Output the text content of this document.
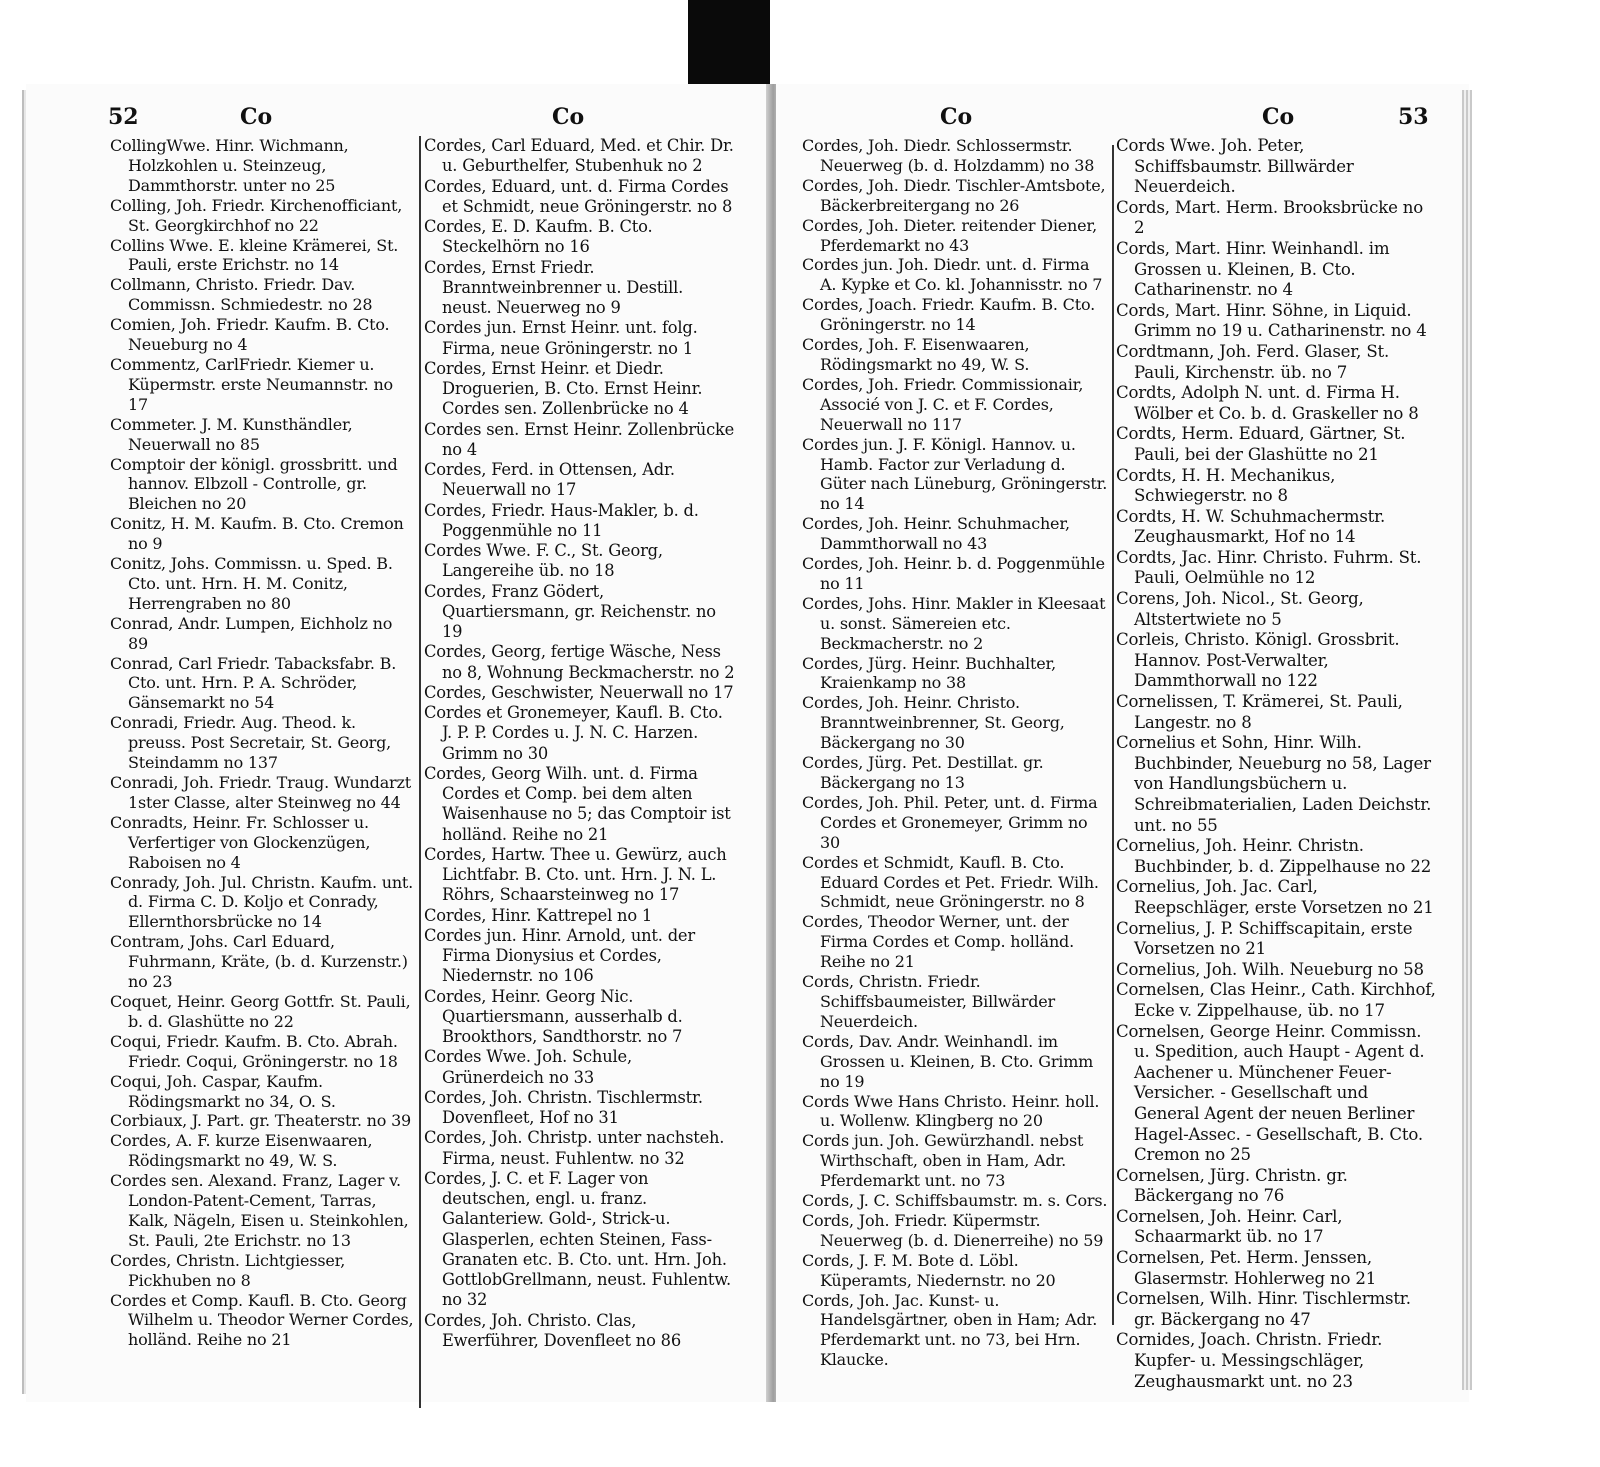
52	Co	Co	Co	Co	53

CollingWwe. Hinr. Wichmann, Holzkohlen u. Steinzeug, Dammthorstr. unter no 25

Colling, Joh. Friedr. Kirchenofficiant, St. Georgkirchhof no 22

Collins Wwe. E. kleine Krämerei, St. Pauli, erste Erichstr. no 14

Collmann, Christo. Friedr. Dav. Commissn. Schmiedestr. no 28

Comien, Joh. Friedr. Kaufm. B. Cto. Neueburg no 4

Commentz, CarlFriedr. Kiemer u. Küpermstr. erste Neumannstr. no 17

Commeter. J. M. Kunsthändler, Neuerwall no 85

Comptoir der königl. grossbritt. und hannov. Elbzoll - Controlle, gr. Bleichen no 20

Conitz, H. M. Kaufm. B. Cto. Cremon no 9

Conitz, Johs. Commissn. u. Sped. B. Cto. unt. Hrn. H. M. Conitz, Herrengraben no 80

Conrad, Andr. Lumpen, Eichholz no 89

Conrad, Carl Friedr. Tabacksfabr. B. Cto. unt. Hrn. P. A. Schröder, Gänsemarkt no 54

Conradi, Friedr. Aug. Theod. k. preuss. Post Secretair, St. Georg, Steindamm no 137

Conradi, Joh. Friedr. Traug. Wundarzt 1ster Classe, alter Steinweg no 44

Conradts, Heinr. Fr. Schlosser u. Verfertiger von Glockenzügen, Raboisen no 4

Conrady, Joh. Jul. Christn. Kaufm. unt. d. Firma C. D. Koljo et Conrady, Ellernthorsbrücke no 14

Contram, Johs. Carl Eduard, Fuhrmann, Kräte, (b. d. Kurzenstr.) no 23

Coquet, Heinr. Georg Gottfr. St. Pauli, b. d. Glashütte no 22

Coqui, Friedr. Kaufm. B. Cto. Abrah. Friedr. Coqui, Gröningerstr. no 18

Coqui, Joh. Caspar, Kaufm. Rödingsmarkt no 34, O. S.

Corbiaux, J. Part. gr. Theaterstr. no 39

Cordes, A. F. kurze Eisenwaaren, Rödingsmarkt no 49, W. S.

Cordes sen. Alexand. Franz, Lager v. London-Patent-Cement, Tarras, Kalk, Nägeln, Eisen u. Steinkohlen, St. Pauli, 2te Erichstr. no 13

Cordes, Christn. Lichtgiesser, Pickhuben no 8

Cordes et Comp. Kaufl. B. Cto. Georg Wilhelm u. Theodor Werner Cordes, holländ. Reihe no 21

Cordes, Carl Eduard, Med. et Chir. Dr. u. Geburthelfer, Stubenhuk no 2

Cordes, Eduard, unt. d. Firma Cordes et Schmidt, neue Gröningerstr. no 8

Cordes, E. D. Kaufm. B. Cto. Steckelhörn no 16

Cordes, Ernst Friedr. Branntweinbrenner u. Destill. neust. Neuerweg no 9

Cordes jun. Ernst Heinr. unt. folg. Firma, neue Gröningerstr. no 1

Cordes, Ernst Heinr. et Diedr. Droguerien, B. Cto. Ernst Heinr. Cordes sen. Zollenbrücke no 4

Cordes sen. Ernst Heinr. Zollenbrücke no 4

Cordes, Ferd. in Ottensen, Adr. Neuerwall no 17

Cordes, Friedr. Haus-Makler, b. d. Poggenmühle no 11

Cordes Wwe. F. C., St. Georg, Langereihe üb. no 18

Cordes, Franz Gödert, Quartiersmann, gr. Reichenstr. no 19

Cordes, Georg, fertige Wäsche, Ness no 8, Wohnung Beckmacherstr. no 2

Cordes, Geschwister, Neuerwall no 17

Cordes et Gronemeyer, Kaufl. B. Cto. J. P. P. Cordes u. J. N. C. Harzen. Grimm no 30

Cordes, Georg Wilh. unt. d. Firma Cordes et Comp. bei dem alten Waisenhause no 5; das Comptoir ist holländ. Reihe no 21

Cordes, Hartw. Thee u. Gewürz, auch Lichtfabr. B. Cto. unt. Hrn. J. N. L. Röhrs, Schaarsteinweg no 17

Cordes, Hinr. Kattrepel no 1

Cordes jun. Hinr. Arnold, unt. der Firma Dionysius et Cordes, Niedernstr. no 106

Cordes, Heinr. Georg Nic. Quartiersmann, ausserhalb d. Brookthors, Sandthorstr. no 7

Cordes Wwe. Joh. Schule, Grünerdeich no 33

Cordes, Joh. Christn. Tischlermstr. Dovenfleet, Hof no 31

Cordes, Joh. Christp. unter nachsteh. Firma, neust. Fuhlentw. no 32

Cordes, J. C. et F. Lager von deutschen, engl. u. franz. Galanteriew. Gold-, Strick-u. Glasperlen, echten Steinen, Fass-Granaten etc. B. Cto. unt. Hrn. Joh. GottlobGrellmann, neust. Fuhlentw. no 32

Cordes, Joh. Christo. Clas, Ewerführer, Dovenfleet no 86

Cordes, Joh. Diedr. Schlossermstr. Neuerweg (b. d. Holzdamm) no 38

Cordes, Joh. Diedr. Tischler-Amtsbote, Bäckerbreitergang no 26

Cordes, Joh. Dieter. reitender Diener, Pferdemarkt no 43

Cordes jun. Joh. Diedr. unt. d. Firma A. Kypke et Co. kl. Johannisstr. no 7

Cordes, Joach. Friedr. Kaufm. B. Cto. Gröningerstr. no 14

Cordes, Joh. F. Eisenwaaren, Rödingsmarkt no 49, W. S.

Cordes, Joh. Friedr. Commissionair, Associé von J. C. et F. Cordes, Neuerwall no 117

Cordes jun. J. F. Königl. Hannov. u. Hamb. Factor zur Verladung d. Güter nach Lüneburg, Gröningerstr. no 14

Cordes, Joh. Heinr. Schuhmacher, Dammthorwall no 43

Cordes, Joh. Heinr. b. d. Poggenmühle no 11

Cordes, Johs. Hinr. Makler in Kleesaat u. sonst. Sämereien etc. Beckmacherstr. no 2

Cordes, Jürg. Heinr. Buchhalter, Kraienkamp no 38

Cordes, Joh. Heinr. Christo. Branntweinbrenner, St. Georg, Bäckergang no 30

Cordes, Jürg. Pet. Destillat. gr. Bäckergang no 13

Cordes, Joh. Phil. Peter, unt. d. Firma Cordes et Gronemeyer, Grimm no 30

Cordes et Schmidt, Kaufl. B. Cto. Eduard Cordes et Pet. Friedr. Wilh. Schmidt, neue Gröningerstr. no 8

Cordes, Theodor Werner, unt. der Firma Cordes et Comp. holländ. Reihe no 21

Cords, Christn. Friedr. Schiffsbaumeister, Billwärder Neuerdeich.

Cords, Dav. Andr. Weinhandl. im Grossen u. Kleinen, B. Cto. Grimm no 19

Cords Wwe Hans Christo. Heinr. holl. u. Wollenw. Klingberg no 20

Cords jun. Joh. Gewürzhandl. nebst Wirthschaft, oben in Ham, Adr. Pferdemarkt unt. no 73

Cords, J. C. Schiffsbaumstr. m. s. Cors.

Cords, Joh. Friedr. Küpermstr. Neuerweg (b. d. Dienerreihe) no 59

Cords, J. F. M. Bote d. Löbl. Küperamts, Niedernstr. no 20

Cords, Joh. Jac. Kunst- u. Handelsgärtner, oben in Ham; Adr. Pferdemarkt unt. no 73, bei Hrn. Klaucke.

Cords Wwe. Joh. Peter, Schiffsbaumstr. Billwärder Neuerdeich.

Cords, Mart. Herm. Brooksbrücke no 2

Cords, Mart. Hinr. Weinhandl. im Grossen u. Kleinen, B. Cto. Catharinenstr. no 4

Cords, Mart. Hinr. Söhne, in Liquid. Grimm no 19 u. Catharinenstr. no 4

Cordtmann, Joh. Ferd. Glaser, St. Pauli, Kirchenstr. üb. no 7

Cordts, Adolph N. unt. d. Firma H. Wölber et Co. b. d. Graskeller no 8

Cordts, Herm. Eduard, Gärtner, St. Pauli, bei der Glashütte no 21

Cordts, H. H. Mechanikus, Schwiegerstr. no 8

Cordts, H. W. Schuhmachermstr. Zeughausmarkt, Hof no 14

Cordts, Jac. Hinr. Christo. Fuhrm. St. Pauli, Oelmühle no 12

Corens, Joh. Nicol., St. Georg, Altstertwiete no 5

Corleis, Christo. Königl. Grossbrit. Hannov. Post-Verwalter, Dammthorwall no 122

Cornelissen, T. Krämerei, St. Pauli, Langestr. no 8

Cornelius et Sohn, Hinr. Wilh. Buchbinder, Neueburg no 58, Lager von Handlungsbüchern u. Schreibmaterialien, Laden Deichstr. unt. no 55

Cornelius, Joh. Heinr. Christn. Buchbinder, b. d. Zippelhause no 22

Cornelius, Joh. Jac. Carl, Reepschläger, erste Vorsetzen no 21

Cornelius, J. P. Schiffscapitain, erste Vorsetzen no 21

Cornelius, Joh. Wilh. Neueburg no 58

Cornelsen, Clas Heinr., Cath. Kirchhof, Ecke v. Zippelhause, üb. no 17

Cornelsen, George Heinr. Commissn. u. Spedition, auch Haupt - Agent d. Aachener u. Münchener Feuer-Versicher. - Gesellschaft und General Agent der neuen Berliner Hagel-Assec. - Gesellschaft, B. Cto. Cremon no 25

Cornelsen, Jürg. Christn. gr. Bäckergang no 76

Cornelsen, Joh. Heinr. Carl, Schaarmarkt üb. no 17

Cornelsen, Pet. Herm. Jenssen, Glasermstr. Hohlerweg no 21

Cornelsen, Wilh. Hinr. Tischlermstr. gr. Bäckergang no 47

Cornides, Joach. Christn. Friedr. Kupfer- u. Messingschläger, Zeughausmarkt unt. no 23
